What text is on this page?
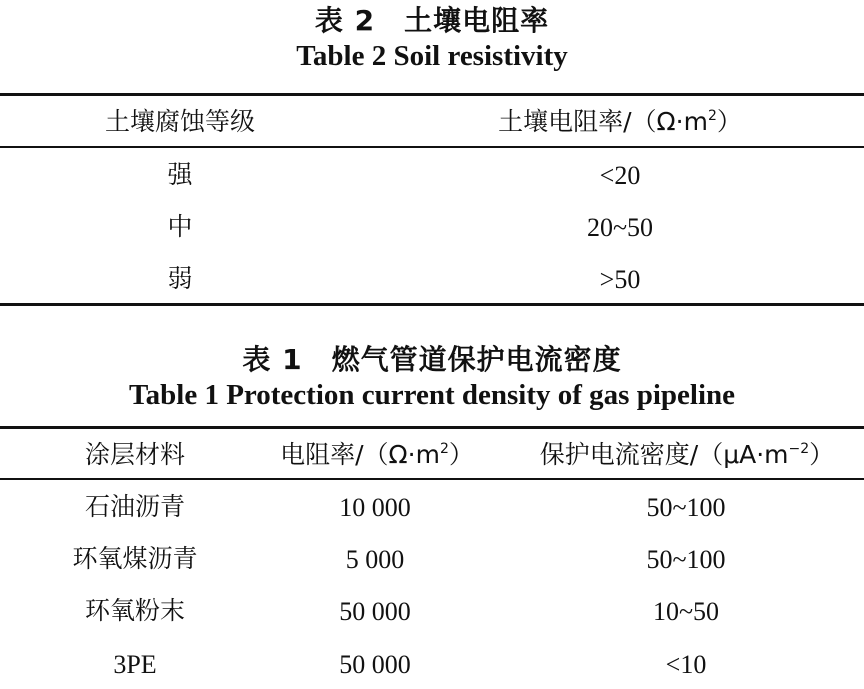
表 2　土壤电阻率
Table 2 Soil resistivity
土壤腐蚀等级	土壤电阻率$/(\Omega\cdot m^2)$
强	<20
中	20~50
弱	>50
表 1　燃气管道保护电流密度
Table 1 Protection current density of gas pipeline
涂层材料	电阻率$/(\Omega\cdot m^2)$	保护电流密度$/(\mu A\cdot m^{-2})$
石油沥青	10 000	50~100
环氧煤沥青	5 000	50~100
环氧粉末	50 000	10~50
3PE	50 000	<10
